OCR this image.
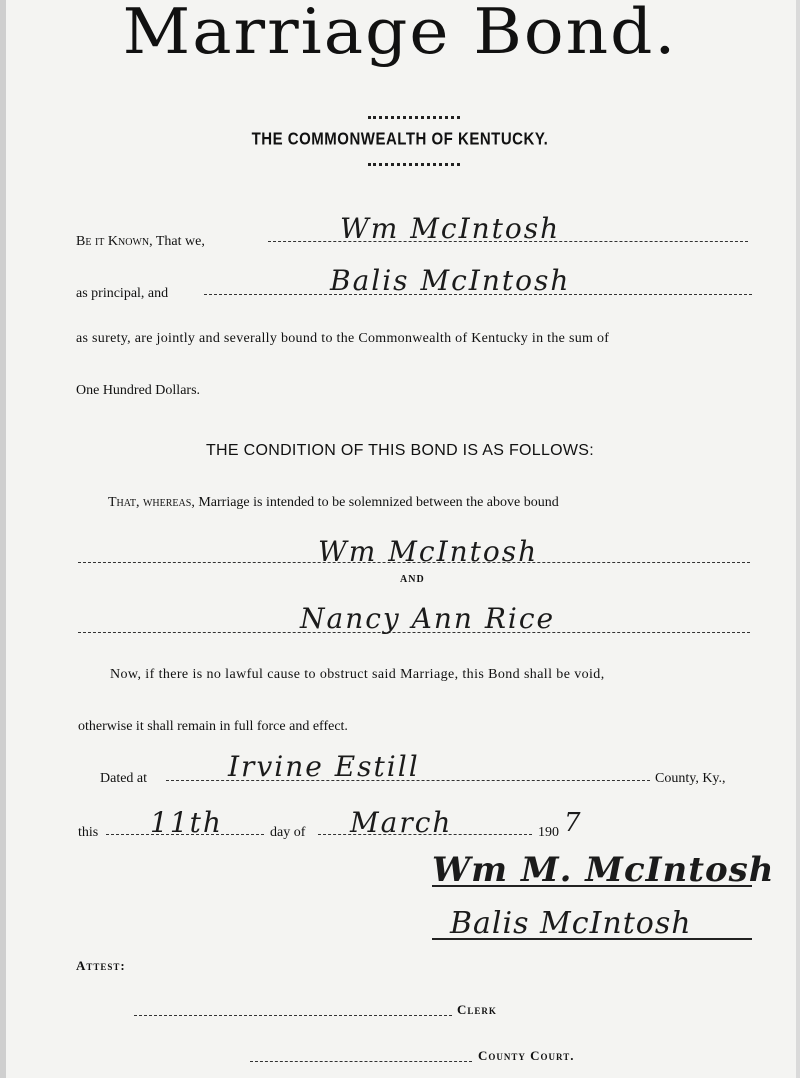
Marriage Bond.
THE COMMONWEALTH OF KENTUCKY.
Be it Known, That we,	Wm McIntosh
as principal, and	Balis McIntosh
as surety, are jointly and severally bound to the Commonwealth of Kentucky in the sum of
One Hundred Dollars.
THE CONDITION OF THIS BOND IS AS FOLLOWS:
That, whereas, Marriage is intended to be solemnized between the above bound
Wm McIntosh
AND
Nancy Ann Rice
Now, if there is no lawful cause to obstruct said Marriage, this Bond shall be void,
otherwise it shall remain in full force and effect.
Dated at	Irvine Estill	County, Ky.,
this 11th	day of March	190 7
Wm M. McIntosh
Balis McIntosh
Attest:
Clerk
County Court.
